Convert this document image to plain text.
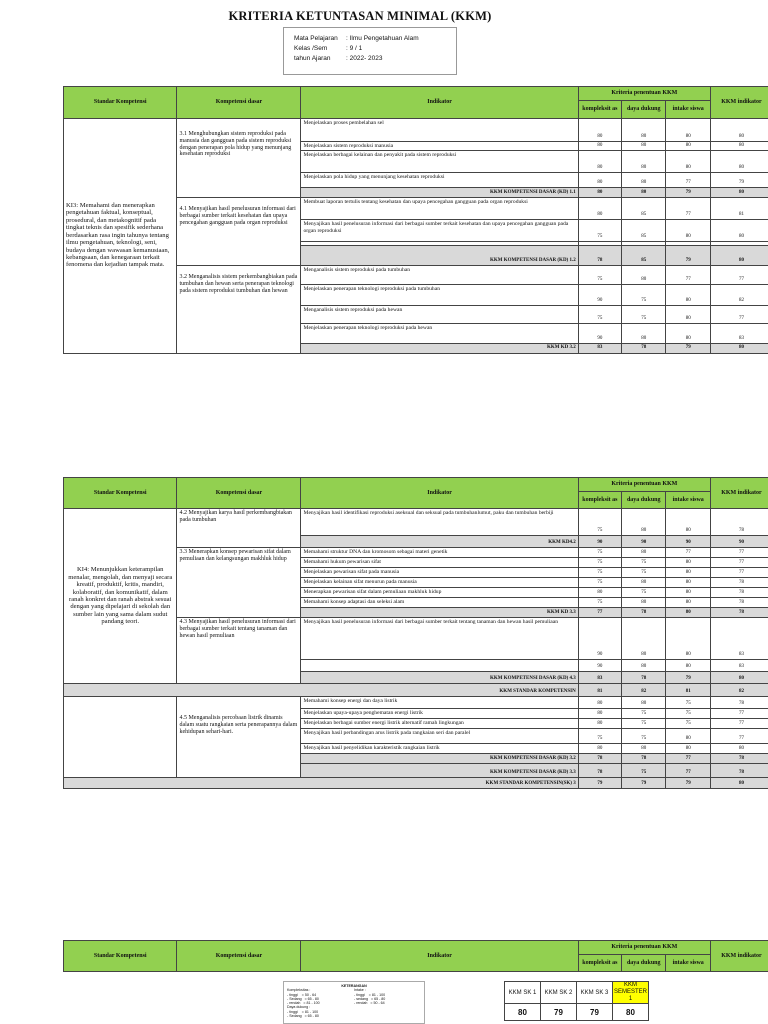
KRITERIA KETUNTASAN MINIMAL (KKM)
Mata Pelajaran : Ilmu Pengetahuan Alam
Kelas /Sem	: 9 / 1
tahun Ajaran : 2022- 2023
Standar Kompetensi	Kompetensi dasar	Indikator	Kriteria penentuan KKM			KKM indikator
			kompleksit as	daya dukung	intake siswa	
KI3: Memahami dan menerapkan pengetahuan faktual, konseptual, prosedural, dan metakognitif pada tingkat teknis dan spesifik sederhana berdasarkan rasa ingin tahunya tentang ilmu pengetahuan, teknologi, seni, budaya dengan wawasan kemanusiaan, kebangsaan, dan kenegaraan terkait fenomena dan kejadian tampak mata.	3.1 Menghubungkan sistem reproduksi pada manusia dan gangguan pada sistem reproduksi dengan penerapan pola hidup yang menunjang kesehatan reproduksi	Menjelaskan proses pembelahan sel	80	80	80	80
		Menjelaskan sistem reproduksi manusia	80	80	80	80
		Menjelaskan berbagai kelainan dan penyakit pada sistem reproduksi	80	80	80	80
		Menjelaskan pola hidup yang menunjang kesehatan reproduksi	80	80	77	79
		KKM KOMPETENSI DASAR (KD) 1.1	80	80	79	80
	4.1 Menyajikan hasil penelusuran informasi dari berbagai sumber terkait kesehatan dan upaya pencegahan gangguan pada organ reproduksi	Membuat laporan tertulis tentang kesehatan dan upaya pencegahan gangguan pada organ reproduksi	80	85	77	81
		Menyajikan hasil penelusuran informasi dari berbagai sumber terkait kesehatan dan upaya pencegahan gangguan pada organ reproduksi	75	85	80	80

		KKM KOMPETENSI DASAR (KD) 1.2	78	85	79	80
	3.2 Menganalisis sistem perkembangbiakan pada tumbuhan dan hewan serta penerapan teknologi pada sistem reproduksi tumbuhan dan hewan	Menganalisis sistem reproduksi pada tumbuhan	75	80	77	77
		Menjelaskan penerapan teknologi reproduksi pada tumbuhan	90	75	80	82
		Menganalisis sistem reproduksi pada hewan	75	75	80	77
		Menjelaskan penerapan teknologi reproduksi pada hewan	90	80	80	83
		KKM KD 3.2	83	78	79	80
Standar Kompetensi	Kompetensi dasar	Indikator	Kriteria penentuan KKM			KKM indikator
			kompleksit as	daya dukung	intake siswa	
KI4: Menunjukkan keterampilan menalar, mengolah, dan menyaji secara kreatif, produktif, kritis, mandiri, kolaboratif, dan komunikatif, dalam ranah konkret dan ranah abstrak sesuai dengan yang dipelajari di sekolah dan sumber lain yang sama dalam sudut pandang teori.	4.2 Menyajikan karya hasil perkembangbiakan pada tumbuhan	Menyajikan hasil identifikasi reproduksi aseksual dan seksual pada tumbuhanlumut, paku dan tumbuhan berbiji	75	80	80	78
		KKM KD4.2	90	90	90	90
	3.3 Menerapkan konsep pewarisan sifat dalam pemuliaan dan kelangsungan makhluk hidup	Memahami struktur DNA dan kromosom sebagai materi genetik	75	80	77	77
		Memahami hukum pewarisan sifat	75	75	80	77
		Menjelaskan pewarisan sifat pada manusia	75	75	80	77
		Menjelaskan kelainan sifat menurun pada manusia	75	80	80	78
		Menerapkan pewarisan sifat dalam pemuliaan makhluk hidup	80	75	80	78
		Memahami konsep adaptasi dan seleksi alam	75	80	80	78
		KKM KD 3.3	77	78	80	78
	4.3 Menyajikan hasil penelusuran informasi dari berbagai sumber terkait tentang tanaman dan hewan hasil pemuliaan	Menyajikan hasil penelusuran informasi dari berbagai sumber terkait tentang tanaman dan hewan hasil pemuliaan	90	80	80	83
			90	80	80	83
		KKM KOMPETENSI DASAR (KD) 4.3	83	78	79	80
KKM STANDAR KOMPETENSIN			81	82	81	82
	4.5 Menganalisis percobaan listrik dinamis dalam suatu rangkaian serta penerapannya dalam kehidupan sehari-hari.	Memahami konsep energi dan daya listrik	80	80	75	78
		Menjelaskan upaya-upaya penghematan energi listrik	80	75	75	77
		Menjelaskan berbagai sumber energi listrik alternatif ramah lingkungan	80	75	75	77
		Menyajikan hasil perbandingan arus listrik pada rangkaian seri dan paralel	75	75	80	77
		Menyajikan hasil penyelidikan karakteristik rangkaian listrik	80	80	80	80
		KKM KOMPETENSI DASAR (KD) 3.2	78	78	77	78
		KKM KOMPETENSI DASAR (KD) 3.3	78	75	77	78
KKM STANDAR KOMPETENSIN(SK) 3			79	79	79	80
Standar Kompetensi	Kompetensi dasar	Indikator	Kriteria penentuan KKM			KKM indikator
			kompleksit as	daya dukung	intake siswa	
KETERANGAN
Kompleksitas :
- tinggi    = 50 - 64
- Sedang   = 65 - 80
- rendah   = 81 - 100
Daya dukung :
- tinggi    = 81 - 100
- Sedang   = 65 - 80
Intake :
- tinggi    = 81 - 100
- sedang   = 65 - 80
- rendah   = 50 - 64
KKM SK 1	KKM SK 2	KKM SK 3	KKM SEMESTER 1
80	79	79	80
